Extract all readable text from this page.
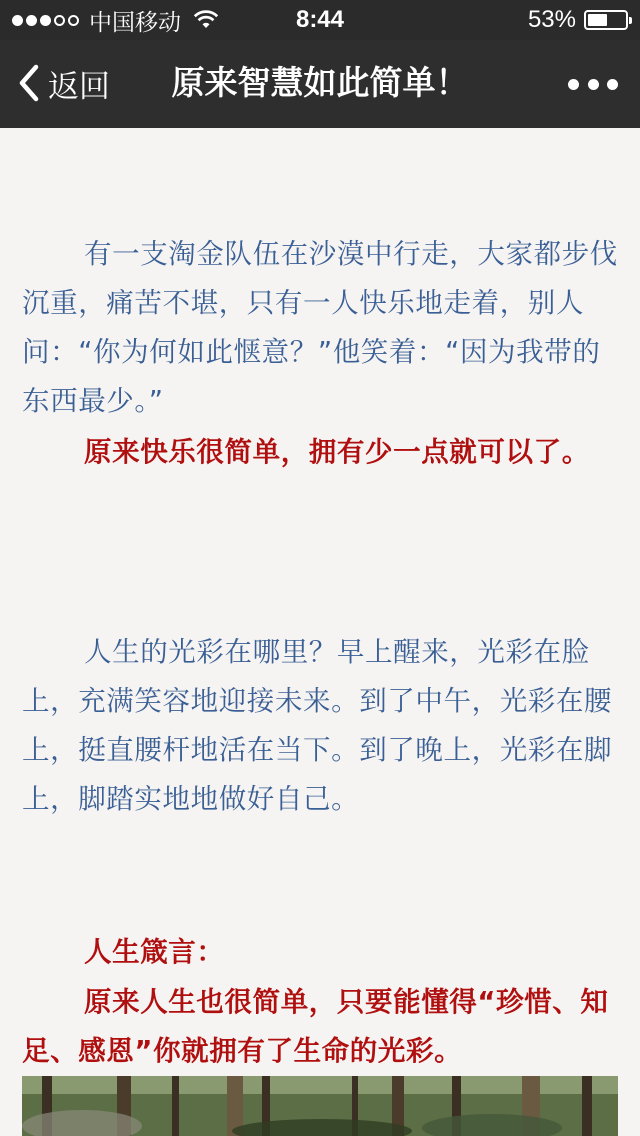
中国移动	8:44	53%
返回	原来智慧如此简单！

有一支淘金队伍在沙漠中行走，大家都步伐沉重，痛苦不堪，只有一人快乐地走着，别人问：“你为何如此惬意？”他笑着：“因为我带的东西最少。”

原来快乐很简单，拥有少一点就可以了。

人生的光彩在哪里？早上醒来，光彩在脸上，充满笑容地迎接未来。到了中午，光彩在腰上，挺直腰杆地活在当下。到了晚上，光彩在脚上，脚踏实地地做好自己。

人生箴言：

原来人生也很简单，只要能懂得“珍惜、知足、感恩”你就拥有了生命的光彩。
